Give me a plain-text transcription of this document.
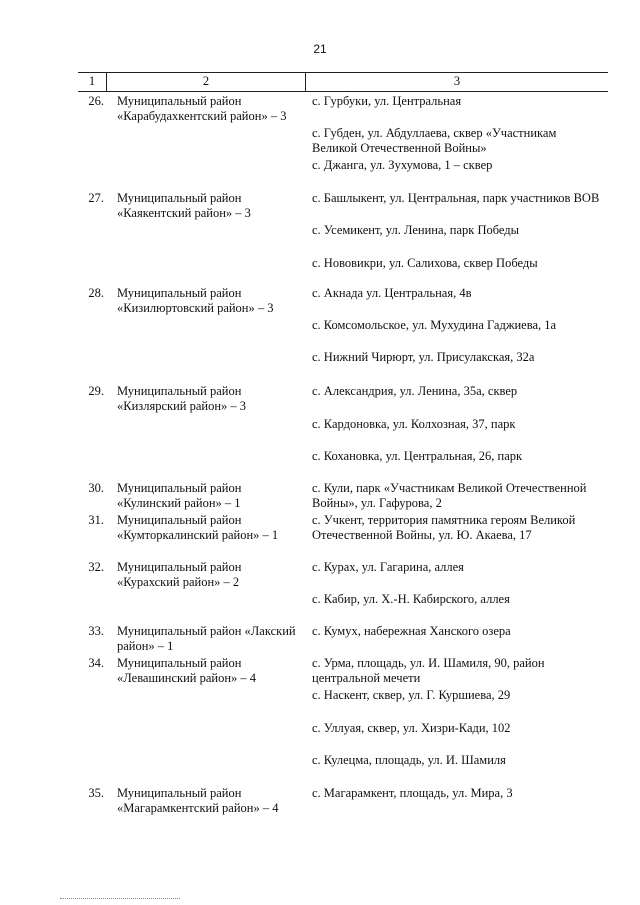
21
1	2	3
26. Муниципальный район «Карабудахкентский район» – 3
с. Гурбуки, ул. Центральная
с. Губден, ул. Абдуллаева, сквер «Участникам Великой Отечественной Войны»
с. Джанга, ул. Зухумова, 1 – сквер
27. Муниципальный район «Каякентский район» – 3
с. Башлыкент, ул. Центральная, парк участников ВОВ
с. Усемикент, ул. Ленина, парк Победы
с. Нововикри, ул. Салихова, сквер Победы
28. Муниципальный район «Кизилюртовский район» – 3
с. Акнада ул. Центральная, 4в
с. Комсомольское, ул. Мухудина Гаджиева, 1а
с. Нижний Чирюрт, ул. Присулакская, 32а
29. Муниципальный район «Кизлярский район» – 3
с. Александрия, ул. Ленина, 35а, сквер
с. Кардоновка, ул. Колхозная, 37, парк
с. Кохановка, ул. Центральная, 26, парк
30. Муниципальный район «Кулинский район» – 1
с. Кули, парк «Участникам Великой Отечественной Войны», ул. Гафурова, 2
31. Муниципальный район «Кумторкалинский район» – 1
с. Учкент, территория памятника героям Великой Отечественной Войны, ул. Ю. Акаева, 17
32. Муниципальный район «Курахский район» – 2
с. Курах, ул. Гагарина, аллея
с. Кабир, ул. Х.-Н. Кабирского, аллея
33. Муниципальный район «Лакский район» – 1
с. Кумух, набережная Ханского озера
34. Муниципальный район «Левашинский район» – 4
с. Урма, площадь, ул. И. Шамиля, 90, район центральной мечети
с. Наскент, сквер, ул. Г. Куршиева, 29
с. Уллуая, сквер, ул. Хизри-Кади, 102
с. Кулецма, площадь, ул. И. Шамиля
35. Муниципальный район «Магарамкентский район» – 4
с. Магарамкент, площадь, ул. Мира, 3
